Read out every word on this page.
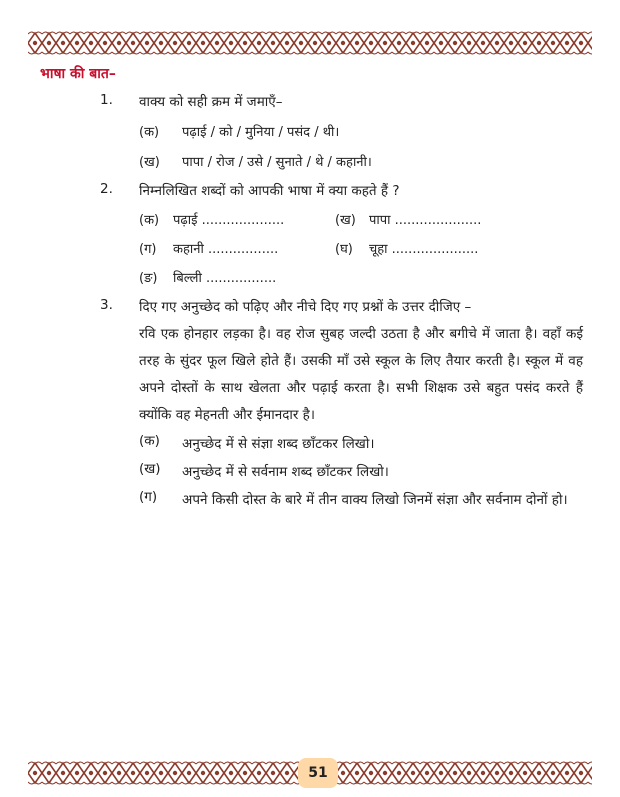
भाषा की बात–
1. वाक्य को सही क्रम में जमाएँ–
(क) पढ़ाई / को / मुनिया / पसंद / थी।
(ख) पापा / रोज / उसे / सुनाते / थे / कहानी।
2. निम्नलिखित शब्दों को आपकी भाषा में क्या कहते हैं ?
(क) पढ़ाई ....................	(ख) पापा .....................
(ग) कहानी .................	(घ) चूहा .....................
(ङ) बिल्ली .................
3. दिए गए अनुच्छेद को पढ़िए और नीचे दिए गए प्रश्नों के उत्तर दीजिए –
रवि एक होनहार लड़का है। वह रोज सुबह जल्दी उठता है और बगीचे में जाता है। वहाँ कई तरह के सुंदर फूल खिले होते हैं। उसकी माँ उसे स्कूल के लिए तैयार करती है। स्कूल में वह अपने दोस्तों के साथ खेलता और पढ़ाई करता है। सभी शिक्षक उसे बहुत पसंद करते हैं क्योंकि वह मेहनती और ईमानदार है।
(क)	अनुच्छेद में से संज्ञा शब्द छाँटकर लिखो।
(ख)	अनुच्छेद में से सर्वनाम शब्द छाँटकर लिखो।
(ग)	अपने किसी दोस्त के बारे में तीन वाक्य लिखो जिनमें संज्ञा और सर्वनाम दोनों हो।
51
